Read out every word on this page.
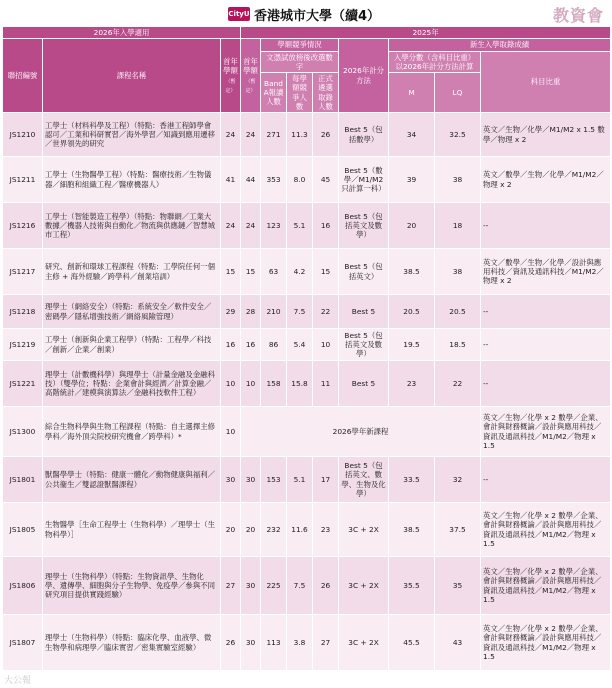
CityU 香港城市大學（續4）	教資會
2026年入學適用			2025年							
聯招編號	課程名稱	首年學額（暫定）	首年學額（暫定）	學額競爭情況			2026年計分方法	新生入學取錄成績		
				文憑試放榜後改選數字				入學分數（含科目比重）以2026年計分方法計算		科目比重
				Band A報讀人數	每學額競爭人數	正式遴選取錄人數		M	LQ	

JS1210	工學士（材料科學及工程）（特點：香港工程師學會認可／工業和科研實習／海外學習／知識到應用遷移／世界領先的研究	24	24	271	11.3	26	Best 5（包括數學）	34	32.5	英文／生物／化學／M1/M2 x 1.5 數學／物理 x 2
JS1211	工學士（生物醫學工程）（特點：醫療技術／生物儀器／細胞和組織工程／醫療機器人）	41	44	353	8.0	45	Best 5（數學／M1/M2只計算一科）	39	38	英文／數學／生物／化學／M1/M2／物理 x 2
JS1216	工學士（智能製造工程學）（特點：物聯網／工業大數據／機器人技術與自動化／物流與供應鏈／智慧城市工程）	24	24	123	5.1	16	Best 5（包括英文及數學）	20	18	--
JS1217	研究、創新和環球工程課程（特點：工學院任何一個主修 + 海外經驗／跨學科／創業培訓）	15	15	63	4.2	15	Best 5（包括英文）	38.5	38	英文／數學／生物／化學／設計與應用科技／資訊及通訊科技／M1/M2／物理 x 2
JS1218	理學士（網絡安全）（特點：系統安全／軟件安全／密碼學／隱私增強技術／網絡風險管理）	29	28	210	7.5	22	Best 5	20.5	20.5	--
JS1219	工學士（創新與企業工程學）（特點：工程學／科技／創新／企業／創業）	16	16	86	5.4	10	Best 5（包括英文及數學）	19.5	18.5	--
JS1221	理學士（計數機科學）與理學士（計量金融及金融科技）（雙學位；特點：企業會計與經濟／計算金融／高階統計／建模與演算法／金融科技軟件工程）	10	10	158	15.8	11	Best 5	23	22	--
JS1300	綜合生物科學與生物工程課程（特點：自主選擇主修學科／海外頂尖院校研究機會／跨學科）*	10	2026學年新課程							英文／生物／化學 x 2 數學／企業、會計與財務概論／設計與應用科技／資訊及通訊科技／M1/M2／物理 x 1.5
JS1801	獸醫學學士（特點：健康一體化／動物健康與福利／公共衞生／雙認證獸醫課程）	30	30	153	5.1	17	Best 5（包括英文、數學、生物及化學）	33.5	32	--
JS1805	生物醫學［生命工程學士（生物科學）／理學士（生物科學）］	20	20	232	11.6	23	3C + 2X	38.5	37.5	英文／生物／化學 x 2 數學／企業、會計與財務概論／設計與應用科技／資訊及通訊科技／M1/M2／物理 x 1.5
JS1806	理學士（生物科學）（特點：生物資訊學、生物化學、遺傳學、細胞與分子生物學、免疫學／參與不同研究項目提供實踐經驗）	27	30	225	7.5	26	3C + 2X	35.5	35	英文／生物／化學 x 2 數學／企業、會計與財務概論／設計與應用科技／資訊及通訊科技／M1/M2／物理 x 1.5
JS1807	理學士（生物科學）（特點：臨床化學、血液學、微生物學和病理學／臨床實習／密集實驗室經驗）	26	30	113	3.8	27	3C + 2X	45.5	43	英文／生物／化學 x 2 數學／企業、會計與財務概論／設計與應用科技／資訊及通訊科技／M1/M2／物理 x 1.5
大公報
